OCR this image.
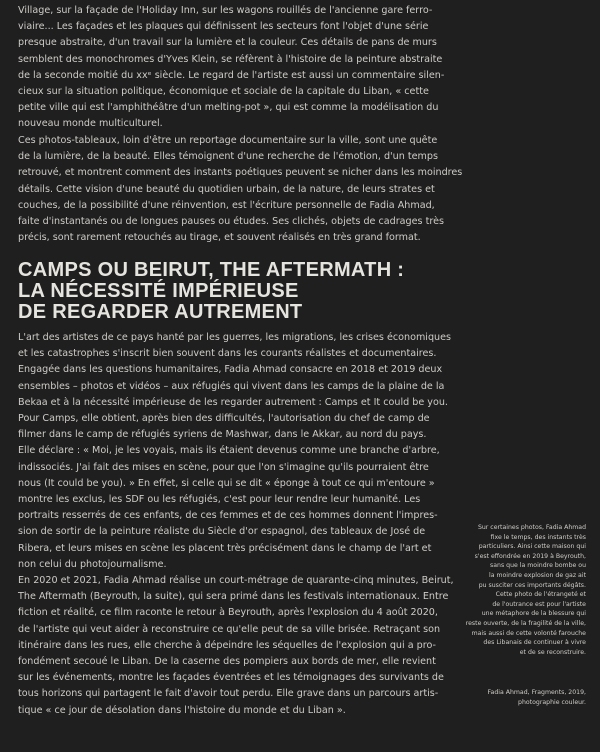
Village, sur la façade de l'Holiday Inn, sur les wagons rouillés de l'ancienne gare ferro-
viaire... Les façades et les plaques qui définissent les secteurs font l'objet d'une série
presque abstraite, d'un travail sur la lumière et la couleur. Ces détails de pans de murs
semblent des monochromes d'Yves Klein, se réfèrent à l'histoire de la peinture abstraite
de la seconde moitié du xxᵉ siècle. Le regard de l'artiste est aussi un commentaire silen-
cieux sur la situation politique, économique et sociale de la capitale du Liban, « cette
petite ville qui est l'amphithéâtre d'un melting-pot », qui est comme la modélisation du
nouveau monde multiculturel.
Ces photos-tableaux, loin d'être un reportage documentaire sur la ville, sont une quête
de la lumière, de la beauté. Elles témoignent d'une recherche de l'émotion, d'un temps
retrouvé, et montrent comment des instants poétiques peuvent se nicher dans les moindres
détails. Cette vision d'une beauté du quotidien urbain, de la nature, de leurs strates et
couches, de la possibilité d'une réinvention, est l'écriture personnelle de Fadia Ahmad,
faite d'instantanés ou de longues pauses ou études. Ses clichés, objets de cadrages très
précis, sont rarement retouchés au tirage, et souvent réalisés en très grand format.
CAMPS OU BEIRUT, THE AFTERMATH :
LA NÉCESSITÉ IMPÉRIEUSE
DE REGARDER AUTREMENT
L'art des artistes de ce pays hanté par les guerres, les migrations, les crises économiques
et les catastrophes s'inscrit bien souvent dans les courants réalistes et documentaires.
Engagée dans les questions humanitaires, Fadia Ahmad consacre en 2018 et 2019 deux
ensembles – photos et vidéos – aux réfugiés qui vivent dans les camps de la plaine de la
Bekaa et à la nécessité impérieuse de les regarder autrement : Camps et It could be you.
Pour Camps, elle obtient, après bien des difficultés, l'autorisation du chef de camp de
filmer dans le camp de réfugiés syriens de Mashwar, dans le Akkar, au nord du pays.
Elle déclare : « Moi, je les voyais, mais ils étaient devenus comme une branche d'arbre,
indissociés. J'ai fait des mises en scène, pour que l'on s'imagine qu'ils pourraient être
nous (It could be you). » En effet, si celle qui se dit « éponge à tout ce qui m'entoure »
montre les exclus, les SDF ou les réfugiés, c'est pour leur rendre leur humanité. Les
portraits resserrés de ces enfants, de ces femmes et de ces hommes donnent l'impres-
sion de sortir de la peinture réaliste du Siècle d'or espagnol, des tableaux de José de
Ribera, et leurs mises en scène les placent très précisément dans le champ de l'art et
non celui du photojournalisme.
En 2020 et 2021, Fadia Ahmad réalise un court-métrage de quarante-cinq minutes, Beirut,
The Aftermath (Beyrouth, la suite), qui sera primé dans les festivals internationaux. Entre
fiction et réalité, ce film raconte le retour à Beyrouth, après l'explosion du 4 août 2020,
de l'artiste qui veut aider à reconstruire ce qu'elle peut de sa ville brisée. Retraçant son
itinéraire dans les rues, elle cherche à dépeindre les séquelles de l'explosion qui a pro-
fondément secoué le Liban. De la caserne des pompiers aux bords de mer, elle revient
sur les événements, montre les façades éventrées et les témoignages des survivants de
tous horizons qui partagent le fait d'avoir tout perdu. Elle grave dans un parcours artis-
tique « ce jour de désolation dans l'histoire du monde et du Liban ».
Sur certaines photos, Fadia Ahmad
fixe le temps, des instants très
particuliers. Ainsi cette maison qui
s'est effondrée en 2019 à Beyrouth,
sans que la moindre bombe ou
la moindre explosion de gaz ait
pu susciter ces importants dégâts.
Cette photo de l'étrangeté et
de l'outrance est pour l'artiste
une métaphore de la blessure qui
reste ouverte, de la fragilité de la ville,
mais aussi de cette volonté farouche
des Libanais de continuer à vivre
et de se reconstruire.
Fadia Ahmad, Fragments, 2019,
photographie couleur.
